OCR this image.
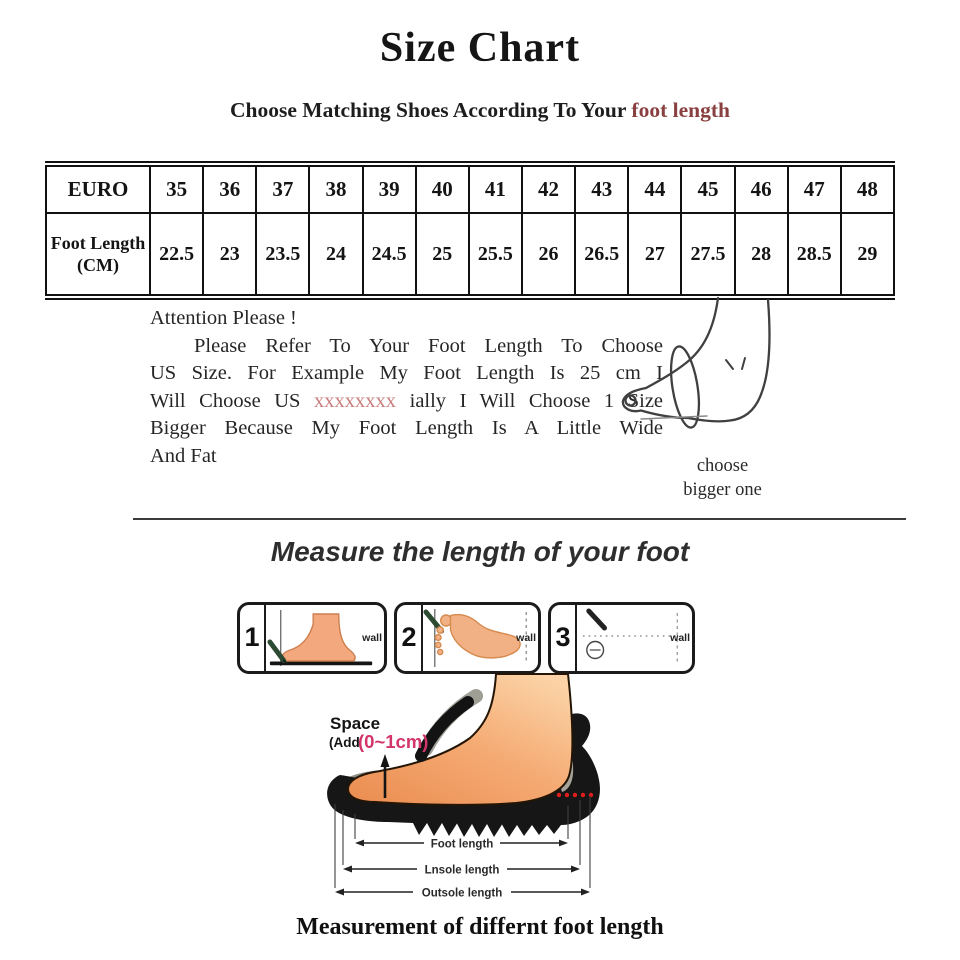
Size Chart
Choose Matching Shoes According To Your foot length
EURO	35	36	37	38	39	40	41	42	43	44	45	46	47	48
Foot Length (CM)	22.5	23	23.5	24	24.5	25	25.5	26	26.5	27	27.5	28	28.5	29
Attention Please !
Please Refer To Your Foot Length To Choose
US Size. For Example My Foot Length Is 25 cm I
Will Choose US xxxxxxxx ially I Will Choose 1 Size
Bigger Because My Foot Length Is A Little Wide
And Fat	choose
bigger one
Measure the length of your foot
1	wall 2	wall 3	wall
Space
(Add
(0~1cm)
Foot length
Lnsole length
Outsole length
Measurement of differnt foot length
